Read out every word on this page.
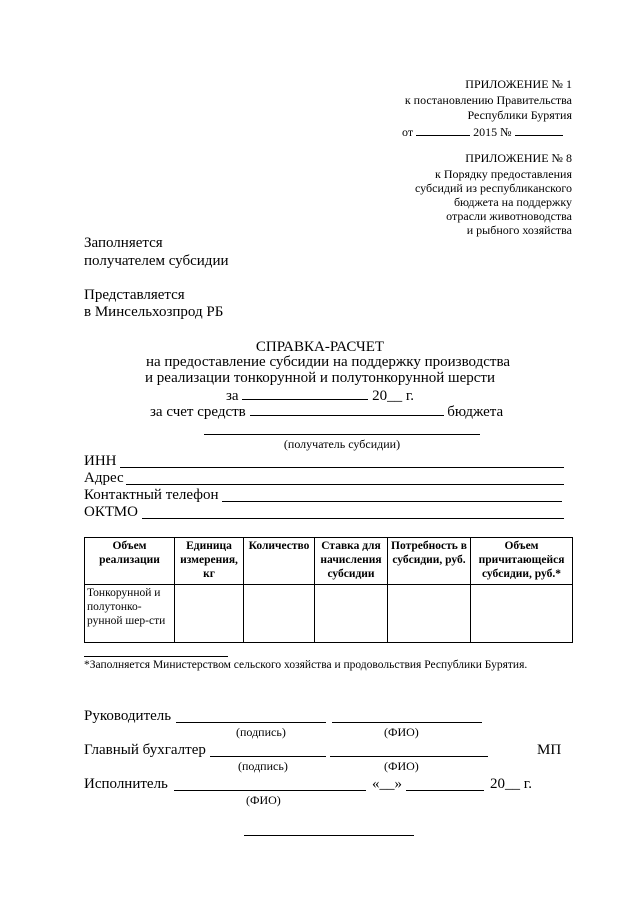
ПРИЛОЖЕНИЕ № 1
к постановлению Правительства
Республики Бурятия
от	2015 №
ПРИЛОЖЕНИЕ № 8
к Порядку предоставления
субсидий из республиканского
бюджета на поддержку
отрасли животноводства
и рыбного хозяйства
Заполняется
получателем субсидии
Представляется
в Минсельхозпрод РБ
СПРАВКА-РАСЧЕТ
на предоставление субсидии на поддержку производства
и реализации тонкорунной и полутонкорунной шерсти
за	20__ г.
за счет средств	бюджета
(получатель субсидии)
ИНН
Адрес
Контактный телефон
ОКТМО
Объем реализации	Единица измерения, кг	Количество	Ставка для начисления субсидии	Потребность в субсидии, руб.	Объем причитающейся субсидии, руб.*
Тонкорунной и полутонко-рунной шер-сти					
*Заполняется Министерством сельского хозяйства и продовольствия Республики Бурятия.
Руководитель
(подпись)	(ФИО)
Главный бухгалтер	МП
(подпись)	(ФИО)
Исполнитель	«__»	20__ г.
(ФИО)
